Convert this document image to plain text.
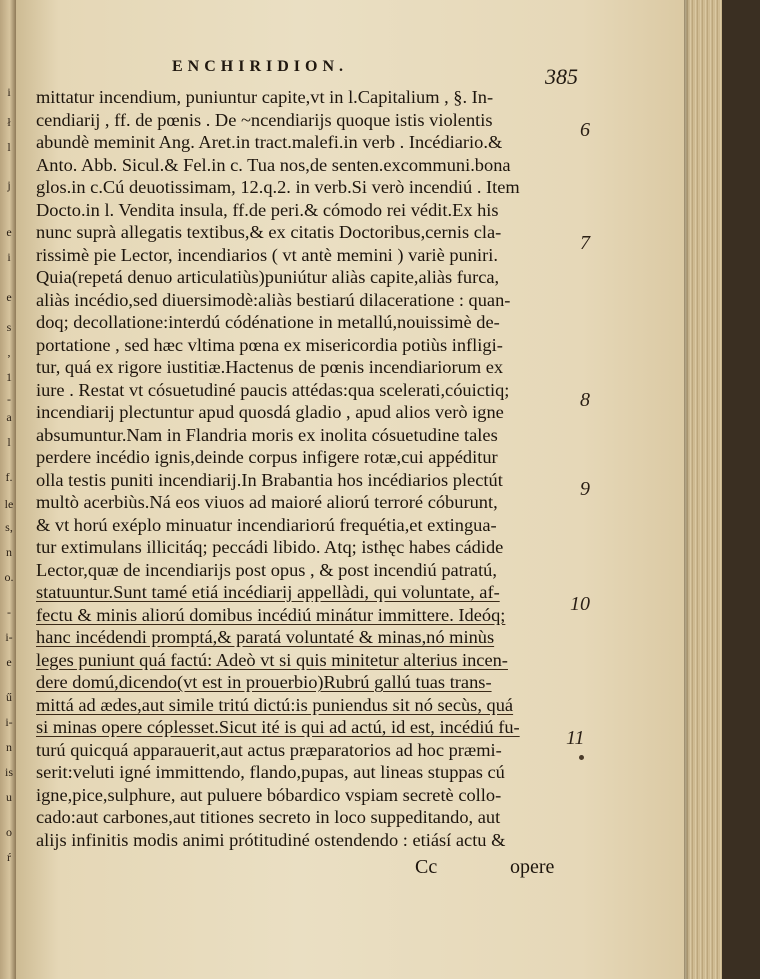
i
ł
l
j
e
i
e
s
,
1
-
a
l
f.
le
s,
n
o.
-
i-
e
ű
i-
n
is
u
o
ŕ
ENCHIRIDION.	385
mittatur incendium, puniuntur capite,vt in l.Capitalium , §. In-
cendiarij , ff. de pœnis . De ~ncendiarijs quoque istis violentis
abundè meminit Ang. Aret.in tract.malefi.in verb . Incédiario.&
Anto. Abb. Sicul.& Fel.in c. Tua nos,de senten.excommuni.bona
glos.in c.Cú deuotissimam, 12.q.2. in verb.Si verò incendiú . Item
Docto.in l. Vendita insula, ff.de peri.& cómodo rei védit.Ex his
nunc suprà allegatis textibus,& ex citatis Doctoribus,cernis cla-
rissimè pie Lector, incendiarios ( vt antè memini ) variè puniri.
Quia(repetá denuo articulatiùs)puniútur aliàs capite,aliàs furca,
aliàs incédio,sed diuersimodè:aliàs bestiarú dilaceratione : quan-
doq; decollatione:interdú códénatione in metallú,nouissimè de-
portatione , sed hæc vltima pœna ex misericordia potiùs infligi-
tur, quá ex rigore iustitiæ.Hactenus de pœnis incendiariorum ex
iure . Restat vt cósuetudiné paucis attédas:qua scelerati,cóuictiq;
incendiarij plectuntur apud quosdá gladio , apud alios verò igne
absumuntur.Nam in Flandria moris ex inolita cósuetudine tales
perdere incédio ignis,deinde corpus infigere rotæ,cui appéditur
olla testis puniti incendiarij.In Brabantia hos incédiarios plectút
multò acerbiùs.Ná eos viuos ad maioré aliorú terroré cóburunt,
& vt horú exéplo minuatur incendiariorú frequétia,et extingua-
tur extimulans illicitáq; peccádi libido. Atq; isthęc habes cádide
Lector,quæ de incendiarijs post opus , & post incendiú patratú,
statuuntur.Sunt tamé etiá incédiarij appellàdi, qui voluntate, af-
fectu & minis aliorú domibus incédiú minátur immittere. Ideóq;
hanc incédendi promptá,& paratá voluntaté & minas,nó minùs
leges puniunt quá factú: Adeò vt si quis minitetur alterius incen-
dere domú,dicendo(vt est in prouerbio)Rubrú gallú tuas trans-
mittá ad ædes,aut simile tritú dictú:is puniendus sit nó secùs, quá
si minas opere cóplesset.Sicut ité is qui ad actú, id est, incédiú fu-
turú quicquá apparauerit,aut actus præparatorios ad hoc præmi-
serit:veluti igné immittendo, flando,pupas, aut lineas stuppas cú
igne,pice,sulphure, aut puluere bóbardico vspiam secretè collo-
cado:aut carbones,aut titiones secreto in loco suppeditando, aut
alijs infinitis modis animi prótitudiné ostendendo : etiásí actu &
6
7
8
9
10
11
Cc	opere
